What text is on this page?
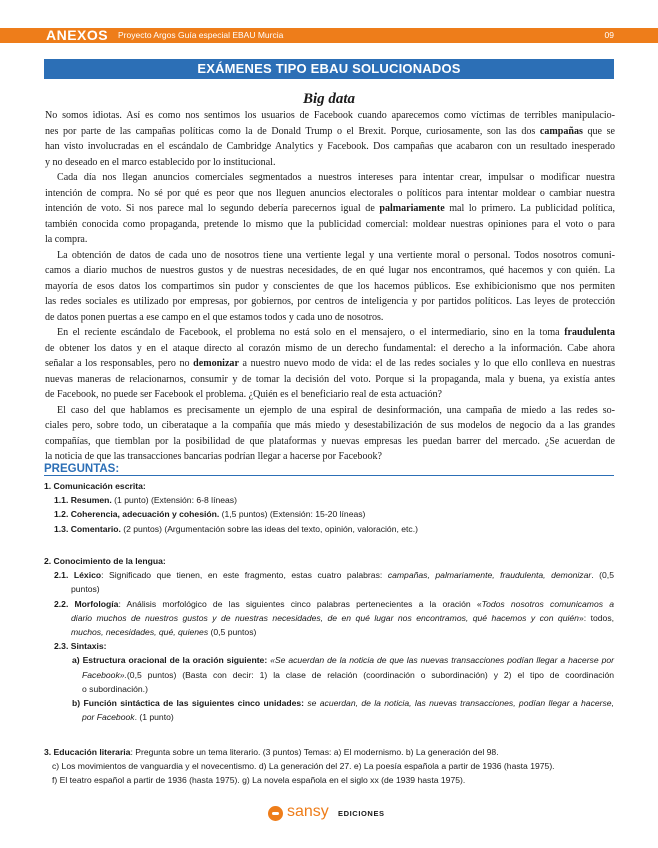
ANEXOS Proyecto Argos Guía especial EBAU Murcia	09
EXÁMENES TIPO EBAU SOLUCIONADOS
Big data

No somos idiotas. Así es como nos sentimos los usuarios de Facebook cuando aparecemos como víctimas de terribles manipulacio-
nes por parte de las campañas políticas como la de Donald Trump o el Brexit. Porque, curiosamente, son las dos campañas que se
han visto involucradas en el escándalo de Cambridge Analytics y Facebook. Dos campañas que acabaron con un resultado inesperado
y no deseado en el marco establecido por lo institucional.

Cada día nos llegan anuncios comerciales segmentados a nuestros intereses para intentar crear, impulsar o modificar nuestra
intención de compra. No sé por qué es peor que nos lleguen anuncios electorales o políticos para intentar moldear o cambiar nuestra
intención de voto. Si nos parece mal lo segundo debería parecernos igual de palmariamente mal lo primero. La publicidad política,
también conocida como propaganda, pretende lo mismo que la publicidad comercial: moldear nuestras opiniones para el voto o para
la compra.

La obtención de datos de cada uno de nosotros tiene una vertiente legal y una vertiente moral o personal. Todos nosotros comuni-
camos a diario muchos de nuestros gustos y de nuestras necesidades, de en qué lugar nos encontramos, qué hacemos y con quién. La
mayoría de esos datos los compartimos sin pudor y conscientes de que los hacemos públicos. Ese exhibicionismo que nos permiten
las redes sociales es utilizado por empresas, por gobiernos, por centros de inteligencia y por partidos políticos. Las leyes de protección
de datos ponen puertas a ese campo en el que estamos todos y cada uno de nosotros.

En el reciente escándalo de Facebook, el problema no está solo en el mensajero, o el intermediario, sino en la toma fraudulenta
de obtener los datos y en el ataque directo al corazón mismo de un derecho fundamental: el derecho a la información. Cabe ahora
señalar a los responsables, pero no demonizar a nuestro nuevo modo de vida: el de las redes sociales y lo que ello conlleva en nuestras
nuevas maneras de relacionarnos, consumir y de tomar la decisión del voto. Porque si la propaganda, mala y buena, ya existía antes
de Facebook, no puede ser Facebook el problema. ¿Quién es el beneficiario real de esta actuación?

El caso del que hablamos es precisamente un ejemplo de una espiral de desinformación, una campaña de miedo a las redes so-
ciales pero, sobre todo, un ciberataque a la compañía que más miedo y desestabilización de sus modelos de negocio da a las grandes
compañías, que tiemblan por la posibilidad de que plataformas y nuevas empresas les puedan barrer del mercado. ¿Se acuerdan de
la noticia de que las transacciones bancarias podrían llegar a hacerse por Facebook?

PREGUNTAS:
1. Comunicación escrita:
1.1. Resumen. (1 punto) (Extensión: 6-8 líneas)
1.2. Coherencia, adecuación y cohesión. (1,5 puntos) (Extensión: 15-20 líneas)
1.3. Comentario. (2 puntos) (Argumentación sobre las ideas del texto, opinión, valoración, etc.)
2. Conocimiento de la lengua:
2.1. Léxico: Significado que tienen, en este fragmento, estas cuatro palabras: campañas, palmariamente, fraudulenta, demonizar. (0,5
puntos)
2.2. Morfología: Análisis morfológico de las siguientes cinco palabras pertenecientes a la oración «Todos nosotros comunicamos a
diario muchos de nuestros gustos y de nuestras necesidades, de en qué lugar nos encontramos, qué hacemos y con quién»: todos,
muchos, necesidades, qué, quienes (0,5 puntos)
2.3. Sintaxis:
a) Estructura oracional de la oración siguiente: «Se acuerdan de la noticia de que las nuevas transacciones podían llegar a hacerse por
Facebook».(0,5 puntos) (Basta con decir: 1) la clase de relación (coordinación o subordinación) y 2) el tipo de coordinación
o subordinación.)
b) Función sintáctica de las siguientes cinco unidades: se acuerdan, de la noticia, las nuevas transacciones, podían llegar a hacerse,
por Facebook. (1 punto)
3. Educación literaria: Pregunta sobre un tema literario. (3 puntos) Temas: a) El modernismo. b) La generación del 98.
c) Los movimientos de vanguardia y el novecentismo. d) La generación del 27. e) La poesía española a partir de 1936 (hasta 1975).
f) El teatro español a partir de 1936 (hasta 1975). g) La novela española en el siglo xx (de 1939 hasta 1975).
sansy EDICIONES
